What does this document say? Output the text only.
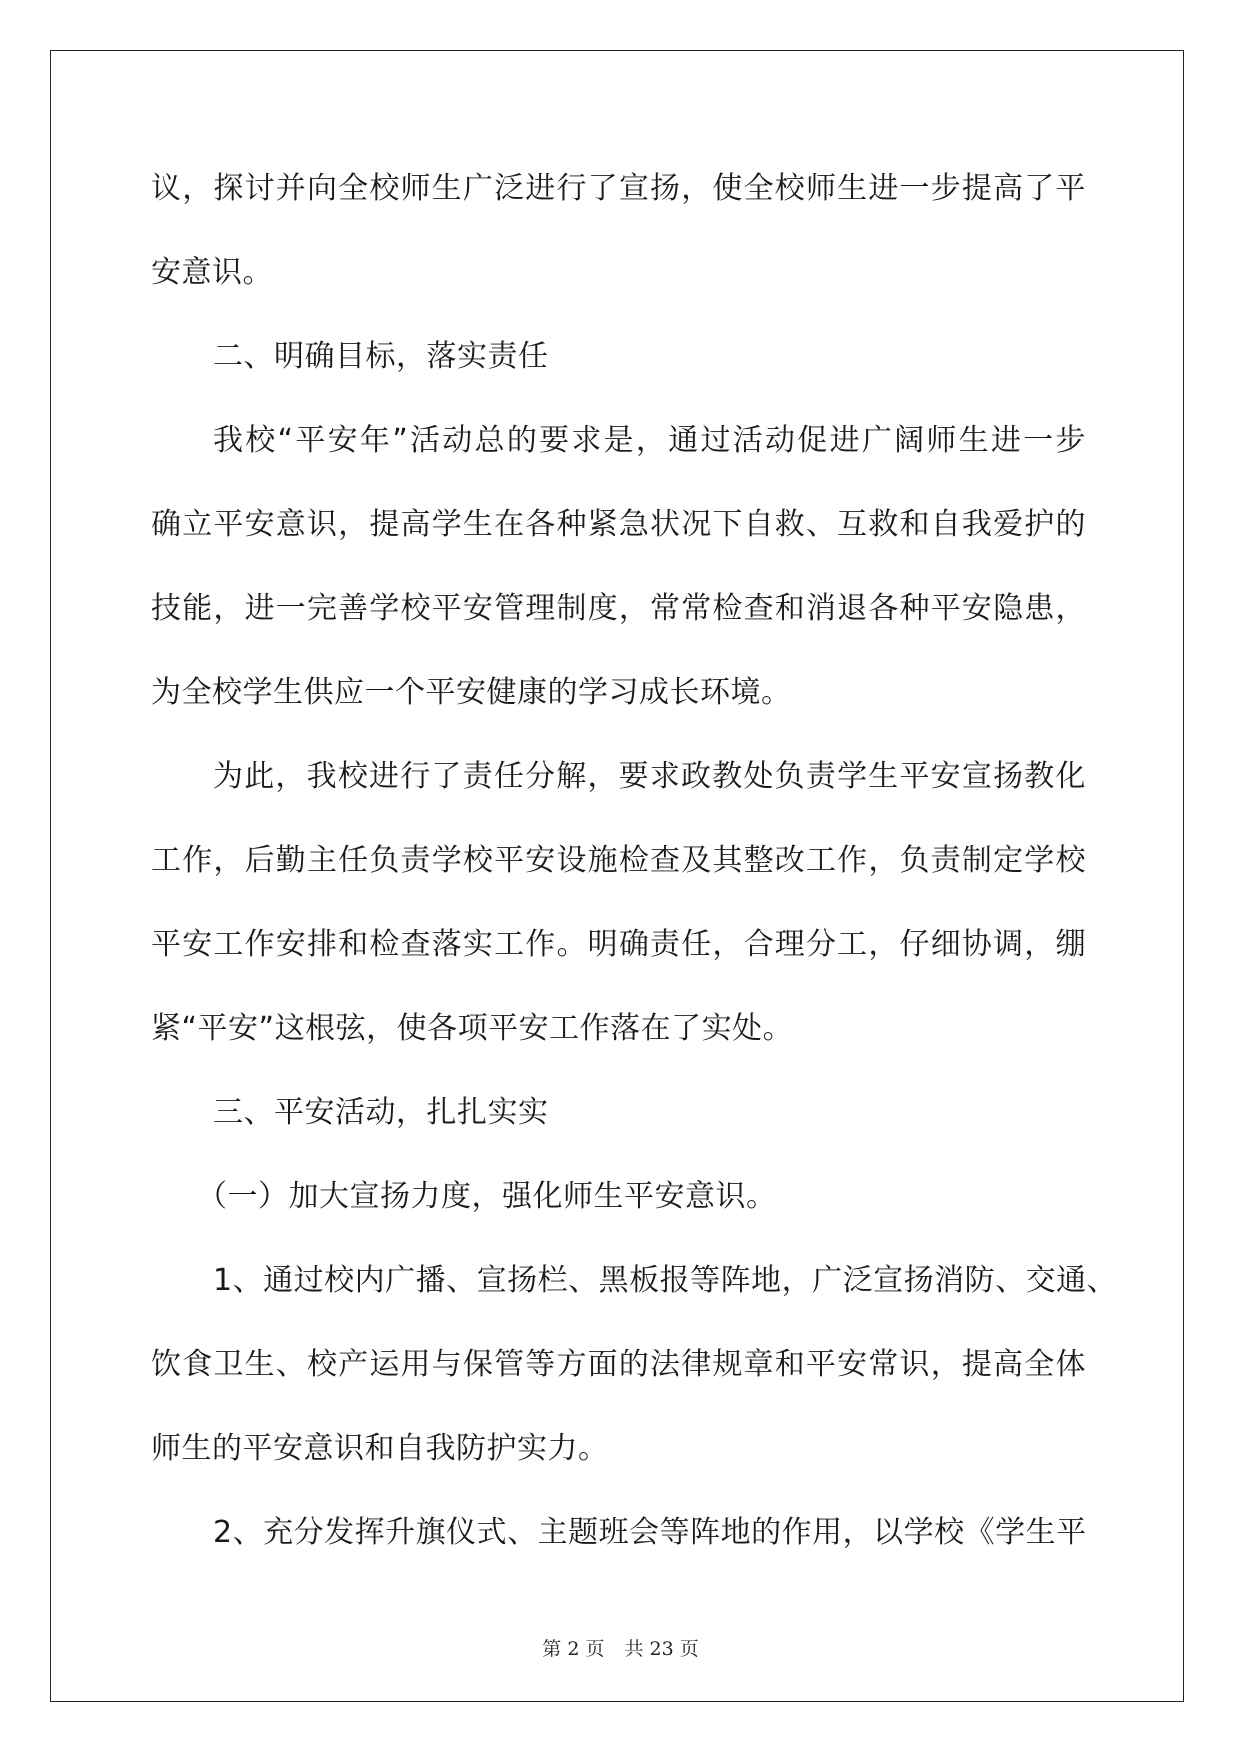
议，探讨并向全校师生广泛进行了宣扬，使全校师生进一步提高了平
安意识。
二、明确目标，落实责任
我校“平安年”活动总的要求是，通过活动促进广阔师生进一步
确立平安意识，提高学生在各种紧急状况下自救、互救和自我爱护的
技能，进一完善学校平安管理制度，常常检查和消退各种平安隐患，
为全校学生供应一个平安健康的学习成长环境。
为此，我校进行了责任分解，要求政教处负责学生平安宣扬教化
工作，后勤主任负责学校平安设施检查及其整改工作，负责制定学校
平安工作安排和检查落实工作。明确责任，合理分工，仔细协调，绷
紧“平安”这根弦，使各项平安工作落在了实处。
三、平安活动，扎扎实实
（一）加大宣扬力度，强化师生平安意识。
1、通过校内广播、宣扬栏、黑板报等阵地，广泛宣扬消防、交通、
饮食卫生、校产运用与保管等方面的法律规章和平安常识，提高全体
师生的平安意识和自我防护实力。
2、充分发挥升旗仪式、主题班会等阵地的作用，以学校《学生平
第 2 页 共 23 页
